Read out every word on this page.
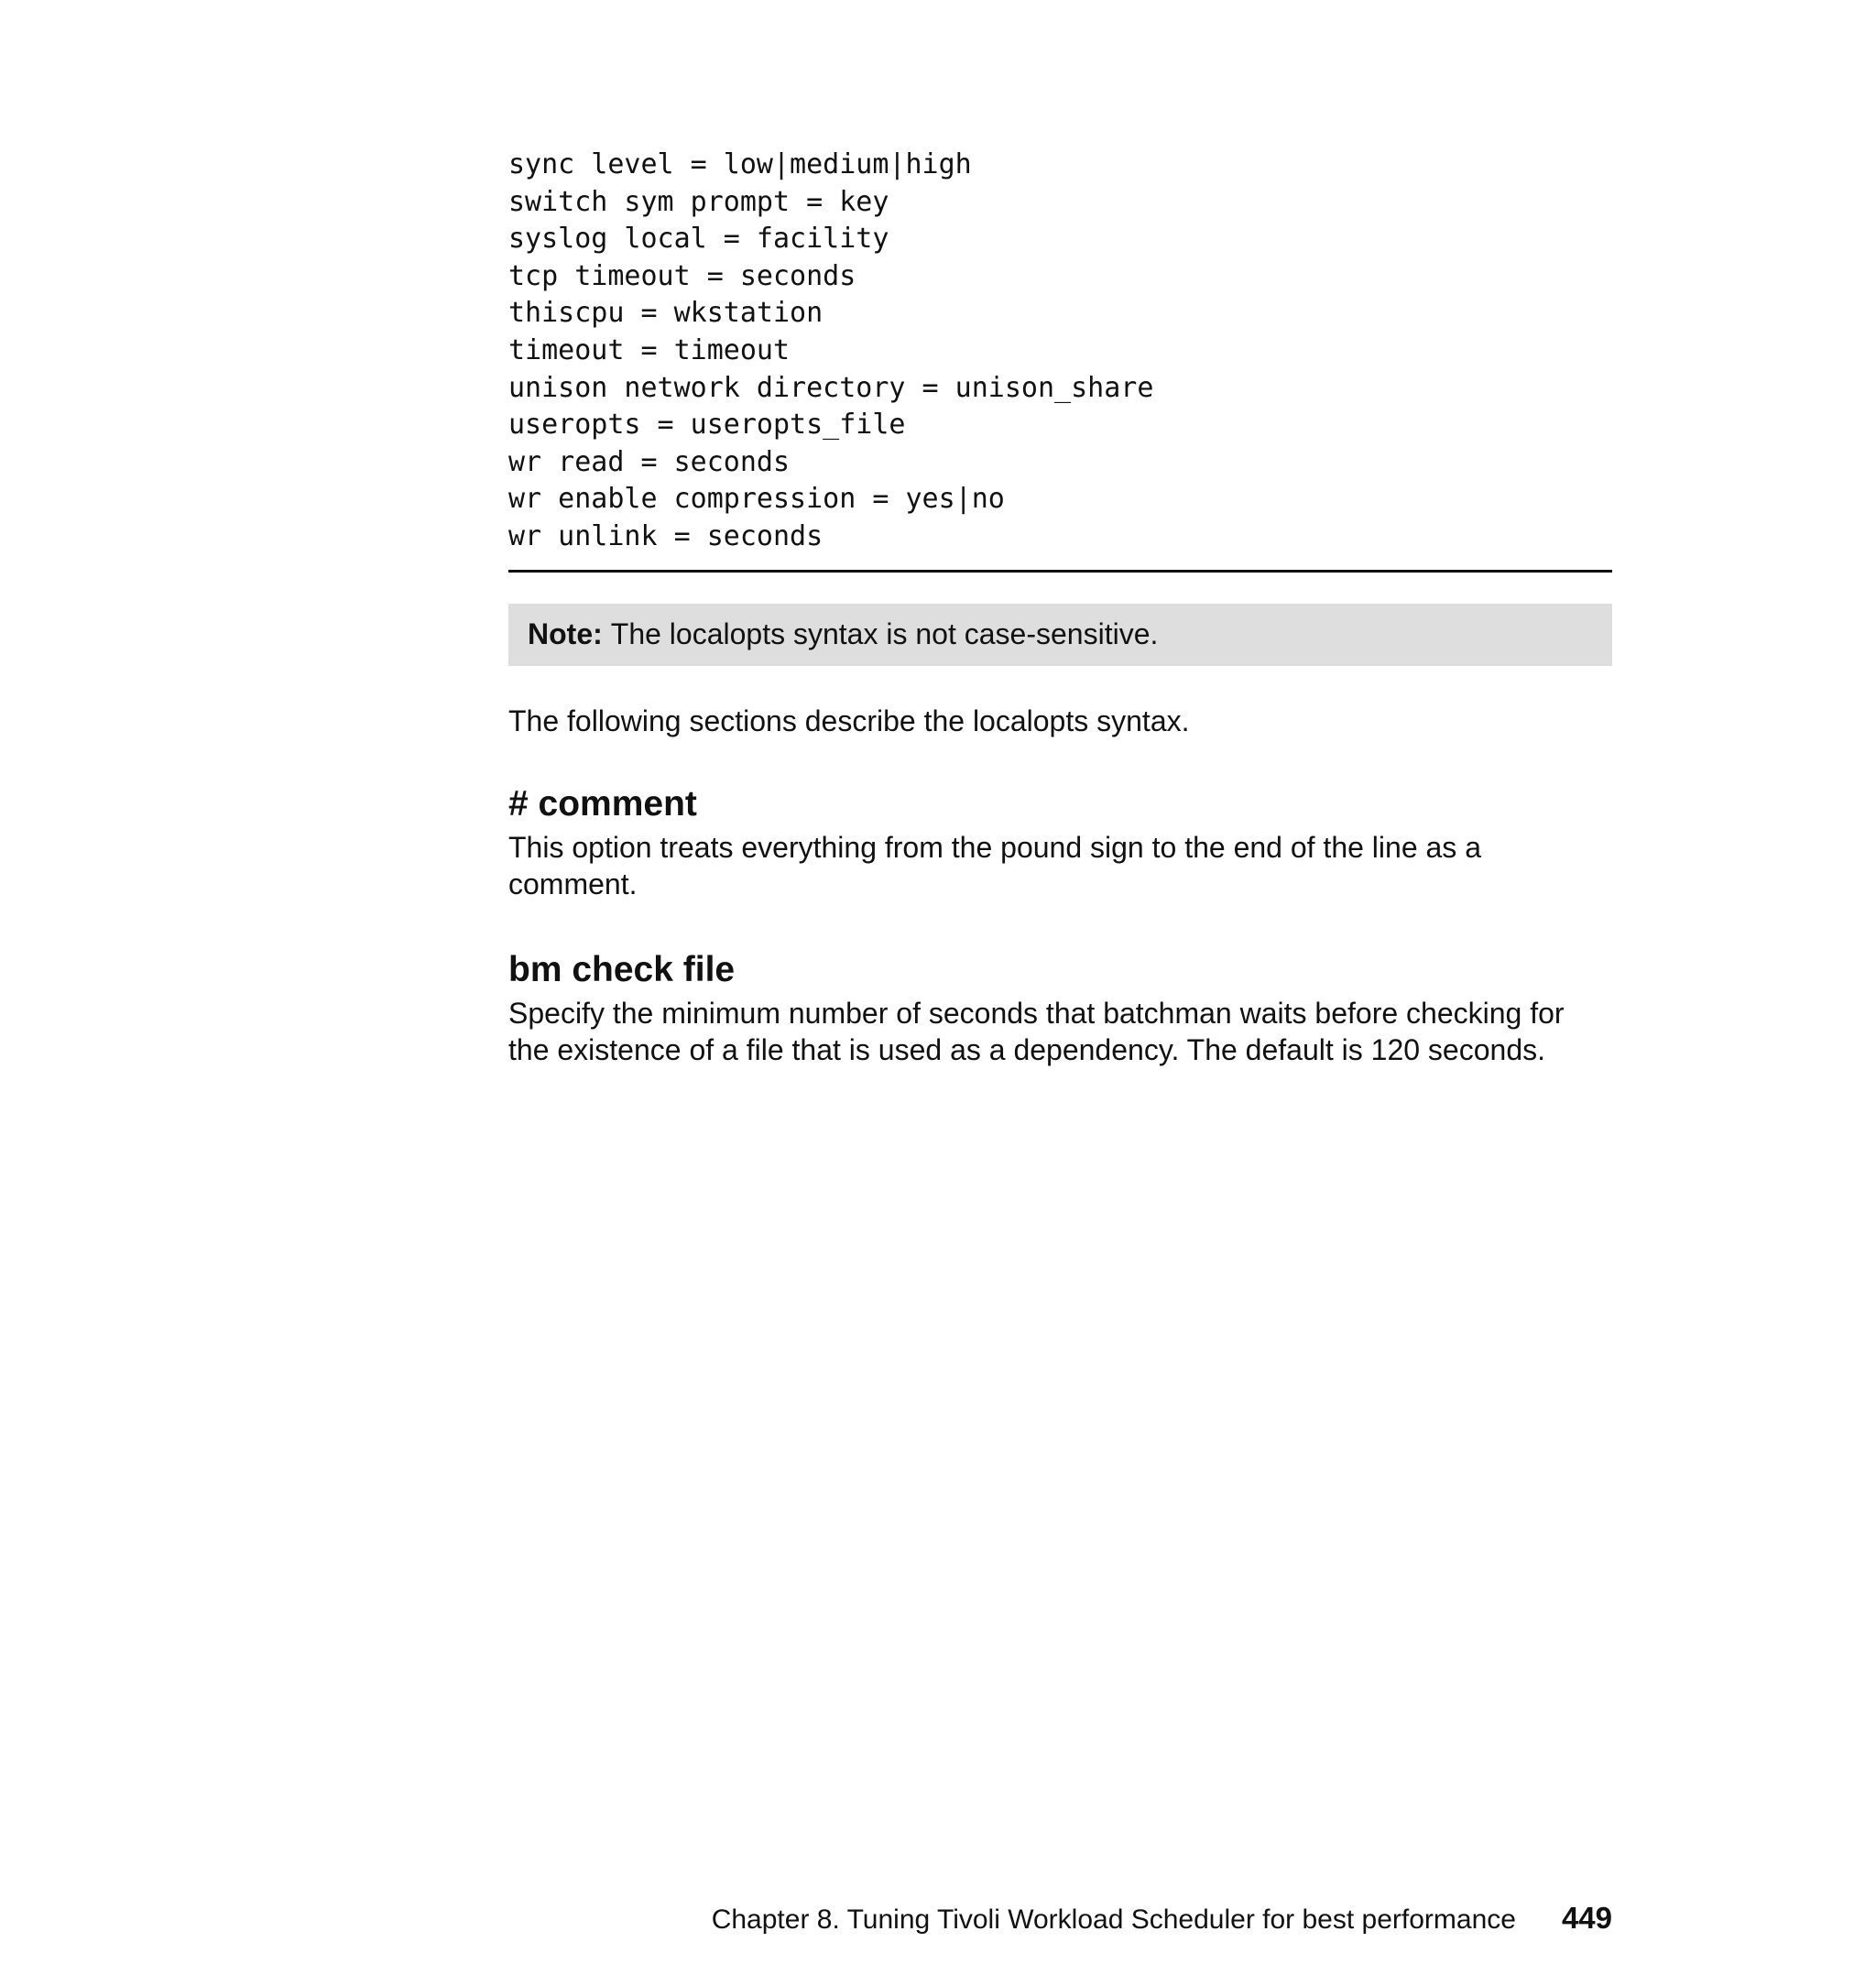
sync level = low|medium|high
switch sym prompt = key
syslog local = facility
tcp timeout = seconds
thiscpu = wkstation
timeout = timeout
unison network directory = unison_share
useropts = useropts_file
wr read = seconds
wr enable compression = yes|no
wr unlink = seconds
Note: The localopts syntax is not case-sensitive.

The following sections describe the localopts syntax.

# comment

This option treats everything from the pound sign to the end of the line as a comment.

bm check file

Specify the minimum number of seconds that batchman waits before checking for the existence of a file that is used as a dependency. The default is 120 seconds.

Chapter 8. Tuning Tivoli Workload Scheduler for best performance 449
